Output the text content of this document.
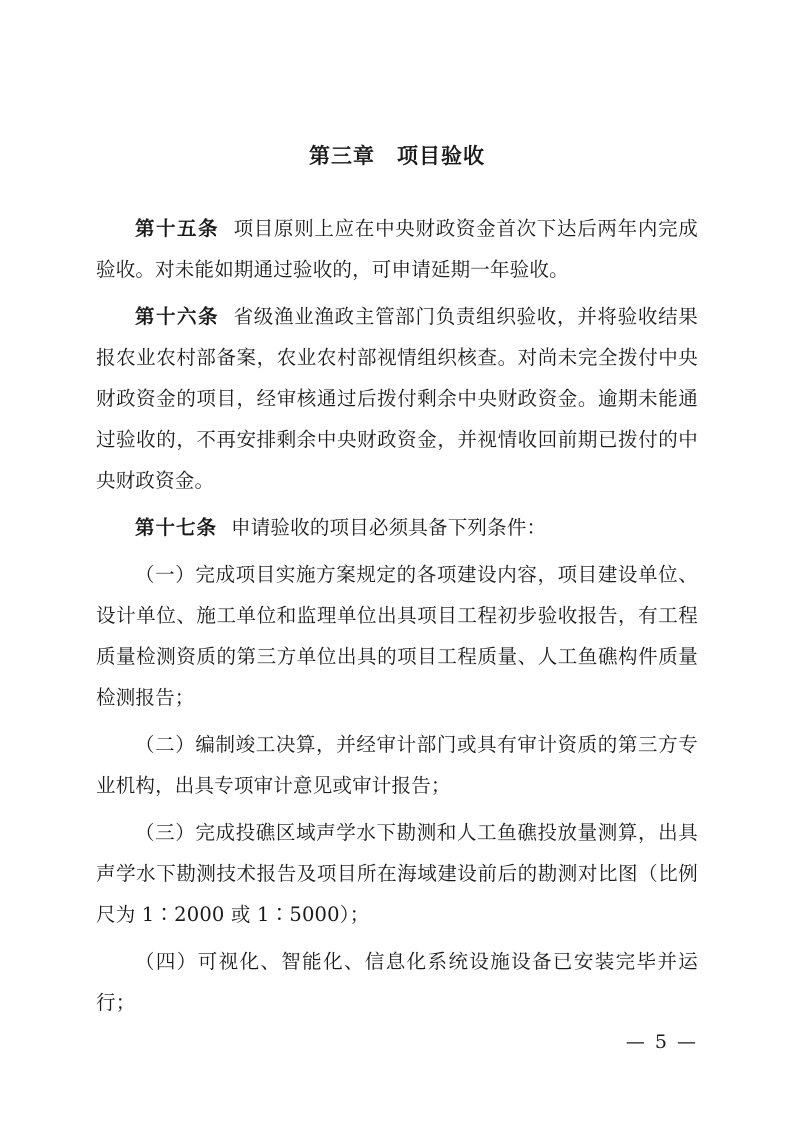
第三章 项目验收

第十五条 项目原则上应在中央财政资金首次下达后两年内完成验收。对未能如期通过验收的，可申请延期一年验收。

第十六条 省级渔业渔政主管部门负责组织验收，并将验收结果报农业农村部备案，农业农村部视情组织核查。对尚未完全拨付中央财政资金的项目，经审核通过后拨付剩余中央财政资金。逾期未能通过验收的，不再安排剩余中央财政资金，并视情收回前期已拨付的中央财政资金。

第十七条 申请验收的项目必须具备下列条件：

（一）完成项目实施方案规定的各项建设内容，项目建设单位、设计单位、施工单位和监理单位出具项目工程初步验收报告，有工程质量检测资质的第三方单位出具的项目工程质量、人工鱼礁构件质量检测报告；

（二）编制竣工决算，并经审计部门或具有审计资质的第三方专业机构，出具专项审计意见或审计报告；

（三）完成投礁区域声学水下勘测和人工鱼礁投放量测算，出具声学水下勘测技术报告及项目所在海域建设前后的勘测对比图（比例尺为 1∶2000 或 1∶5000）；

（四）可视化、智能化、信息化系统设施设备已安装完毕并运行；

— 5 —
